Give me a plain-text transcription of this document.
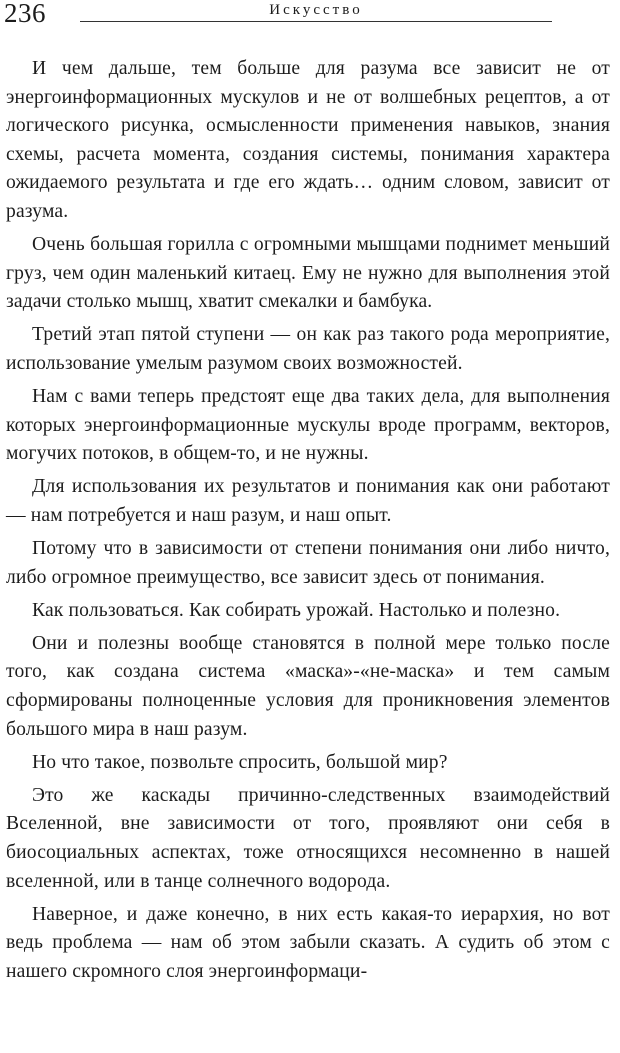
236	Искусство

И чем дальше, тем больше для разума все зависит не от энергоинформационных мускулов и не от волшебных рецептов, а от логического рисунка, осмысленности применения навыков, знания схемы, расчета момента, создания системы, понимания характера ожидаемого результата и где его ждать… одним словом, зависит от разума.

Очень большая горилла с огромными мышцами поднимет меньший груз, чем один маленький китаец. Ему не нужно для выполнения этой задачи столько мышц, хватит смекалки и бамбука.

Третий этап пятой ступени — он как раз такого рода мероприятие, использование умелым разумом своих возможностей.

Нам с вами теперь предстоят еще два таких дела, для выполнения которых энергоинформационные мускулы вроде программ, векторов, могучих потоков, в общем-то, и не нужны.

Для использования их результатов и понимания как они работают — нам потребуется и наш разум, и наш опыт.

Потому что в зависимости от степени понимания они либо ничто, либо огромное преимущество, все зависит здесь от понимания.

Как пользоваться. Как собирать урожай. Настолько и полезно.

Они и полезны вообще становятся в полной мере только после того, как создана система «маска»-«не-маска» и тем самым сформированы полноценные условия для проникновения элементов большого мира в наш разум.

Но что такое, позвольте спросить, большой мир?

Это же каскады причинно-следственных взаимодействий Вселенной, вне зависимости от того, проявляют они себя в биосоциальных аспектах, тоже относящихся несомненно в нашей вселенной, или в танце солнечного водорода.

Наверное, и даже конечно, в них есть какая-то иерархия, но вот ведь проблема — нам об этом забыли сказать. А судить об этом с нашего скромного слоя энергоинформаци-
